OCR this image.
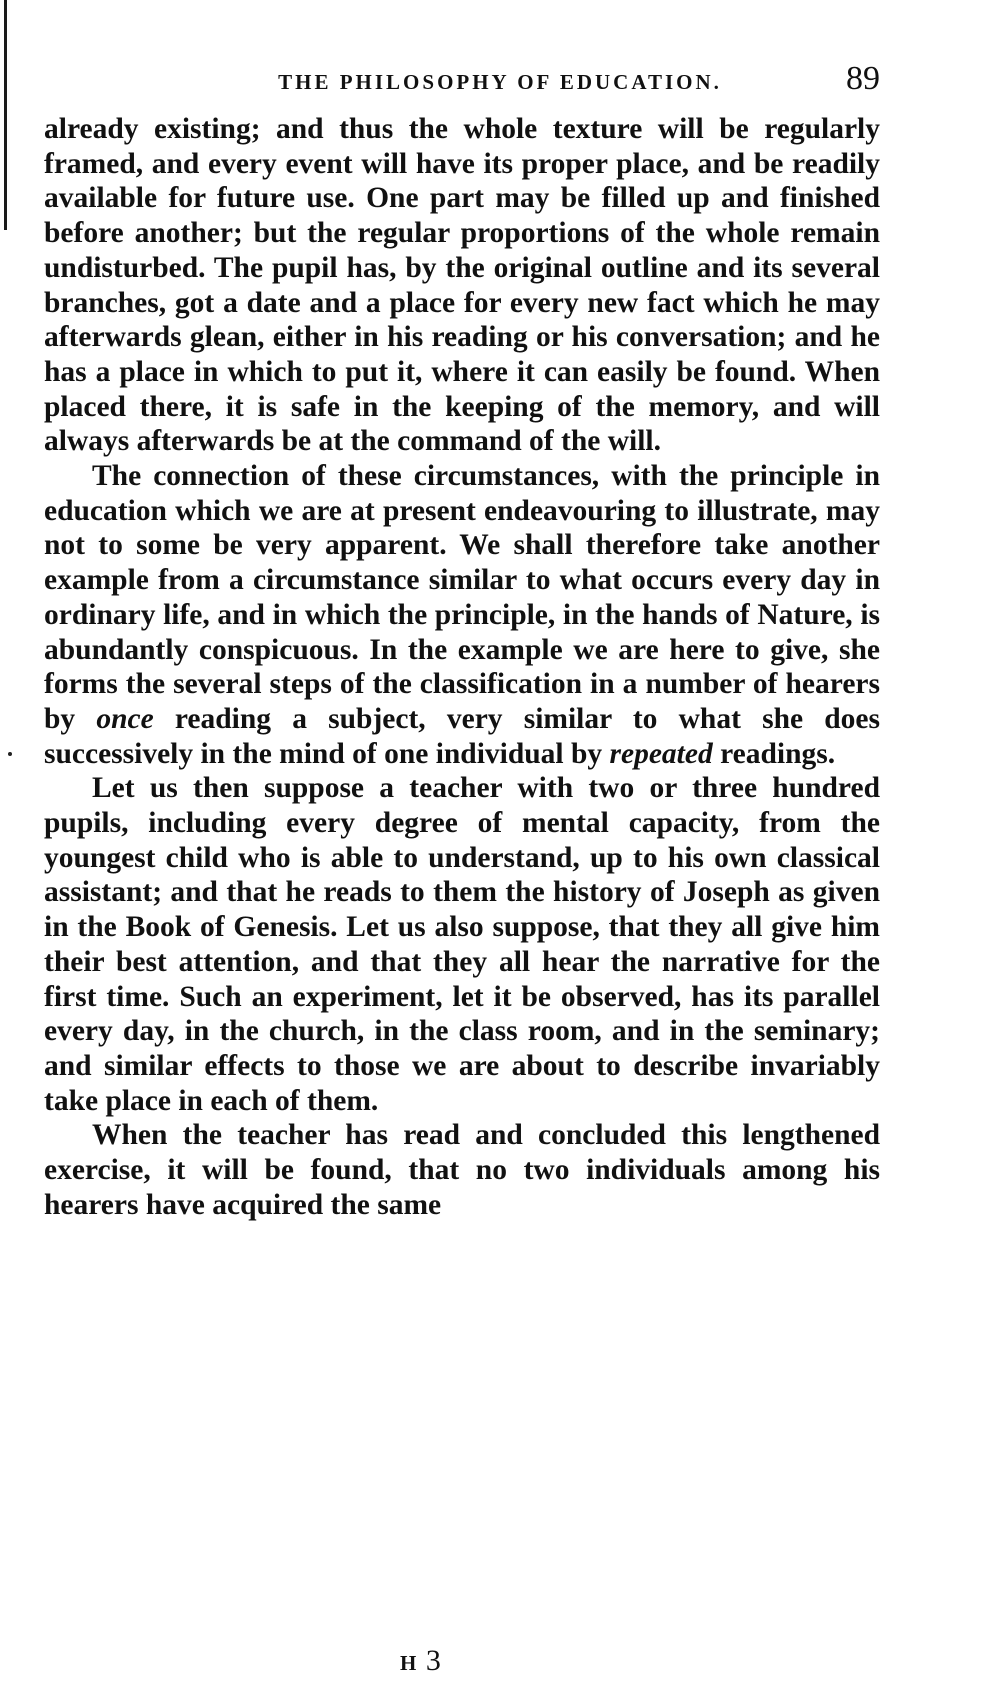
THE PHILOSOPHY OF EDUCATION.	89

already existing; and thus the whole texture will be regularly framed, and every event will have its proper place, and be readily available for future use. One part may be filled up and finished before another; but the regular proportions of the whole remain undisturbed. The pupil has, by the original outline and its several branches, got a date and a place for every new fact which he may afterwards glean, either in his reading or his conversation; and he has a place in which to put it, where it can easily be found. When placed there, it is safe in the keeping of the memory, and will always afterwards be at the command of the will.

The connection of these circumstances, with the principle in education which we are at present endeavouring to illustrate, may not to some be very apparent. We shall therefore take another example from a circumstance similar to what occurs every day in ordinary life, and in which the principle, in the hands of Nature, is abundantly conspicuous. In the example we are here to give, she forms the several steps of the classification in a number of hearers by once reading a subject, very similar to what she does successively in the mind of one individual by repeated readings.

Let us then suppose a teacher with two or three hundred pupils, including every degree of mental capacity, from the youngest child who is able to understand, up to his own classical assistant; and that he reads to them the history of Joseph as given in the Book of Genesis. Let us also suppose, that they all give him their best attention, and that they all hear the narrative for the first time. Such an experiment, let it be observed, has its parallel every day, in the church, in the class room, and in the seminary; and similar effects to those we are about to describe invariably take place in each of them.

When the teacher has read and concluded this lengthened exercise, it will be found, that no two individuals among his hearers have acquired the same

H 3
